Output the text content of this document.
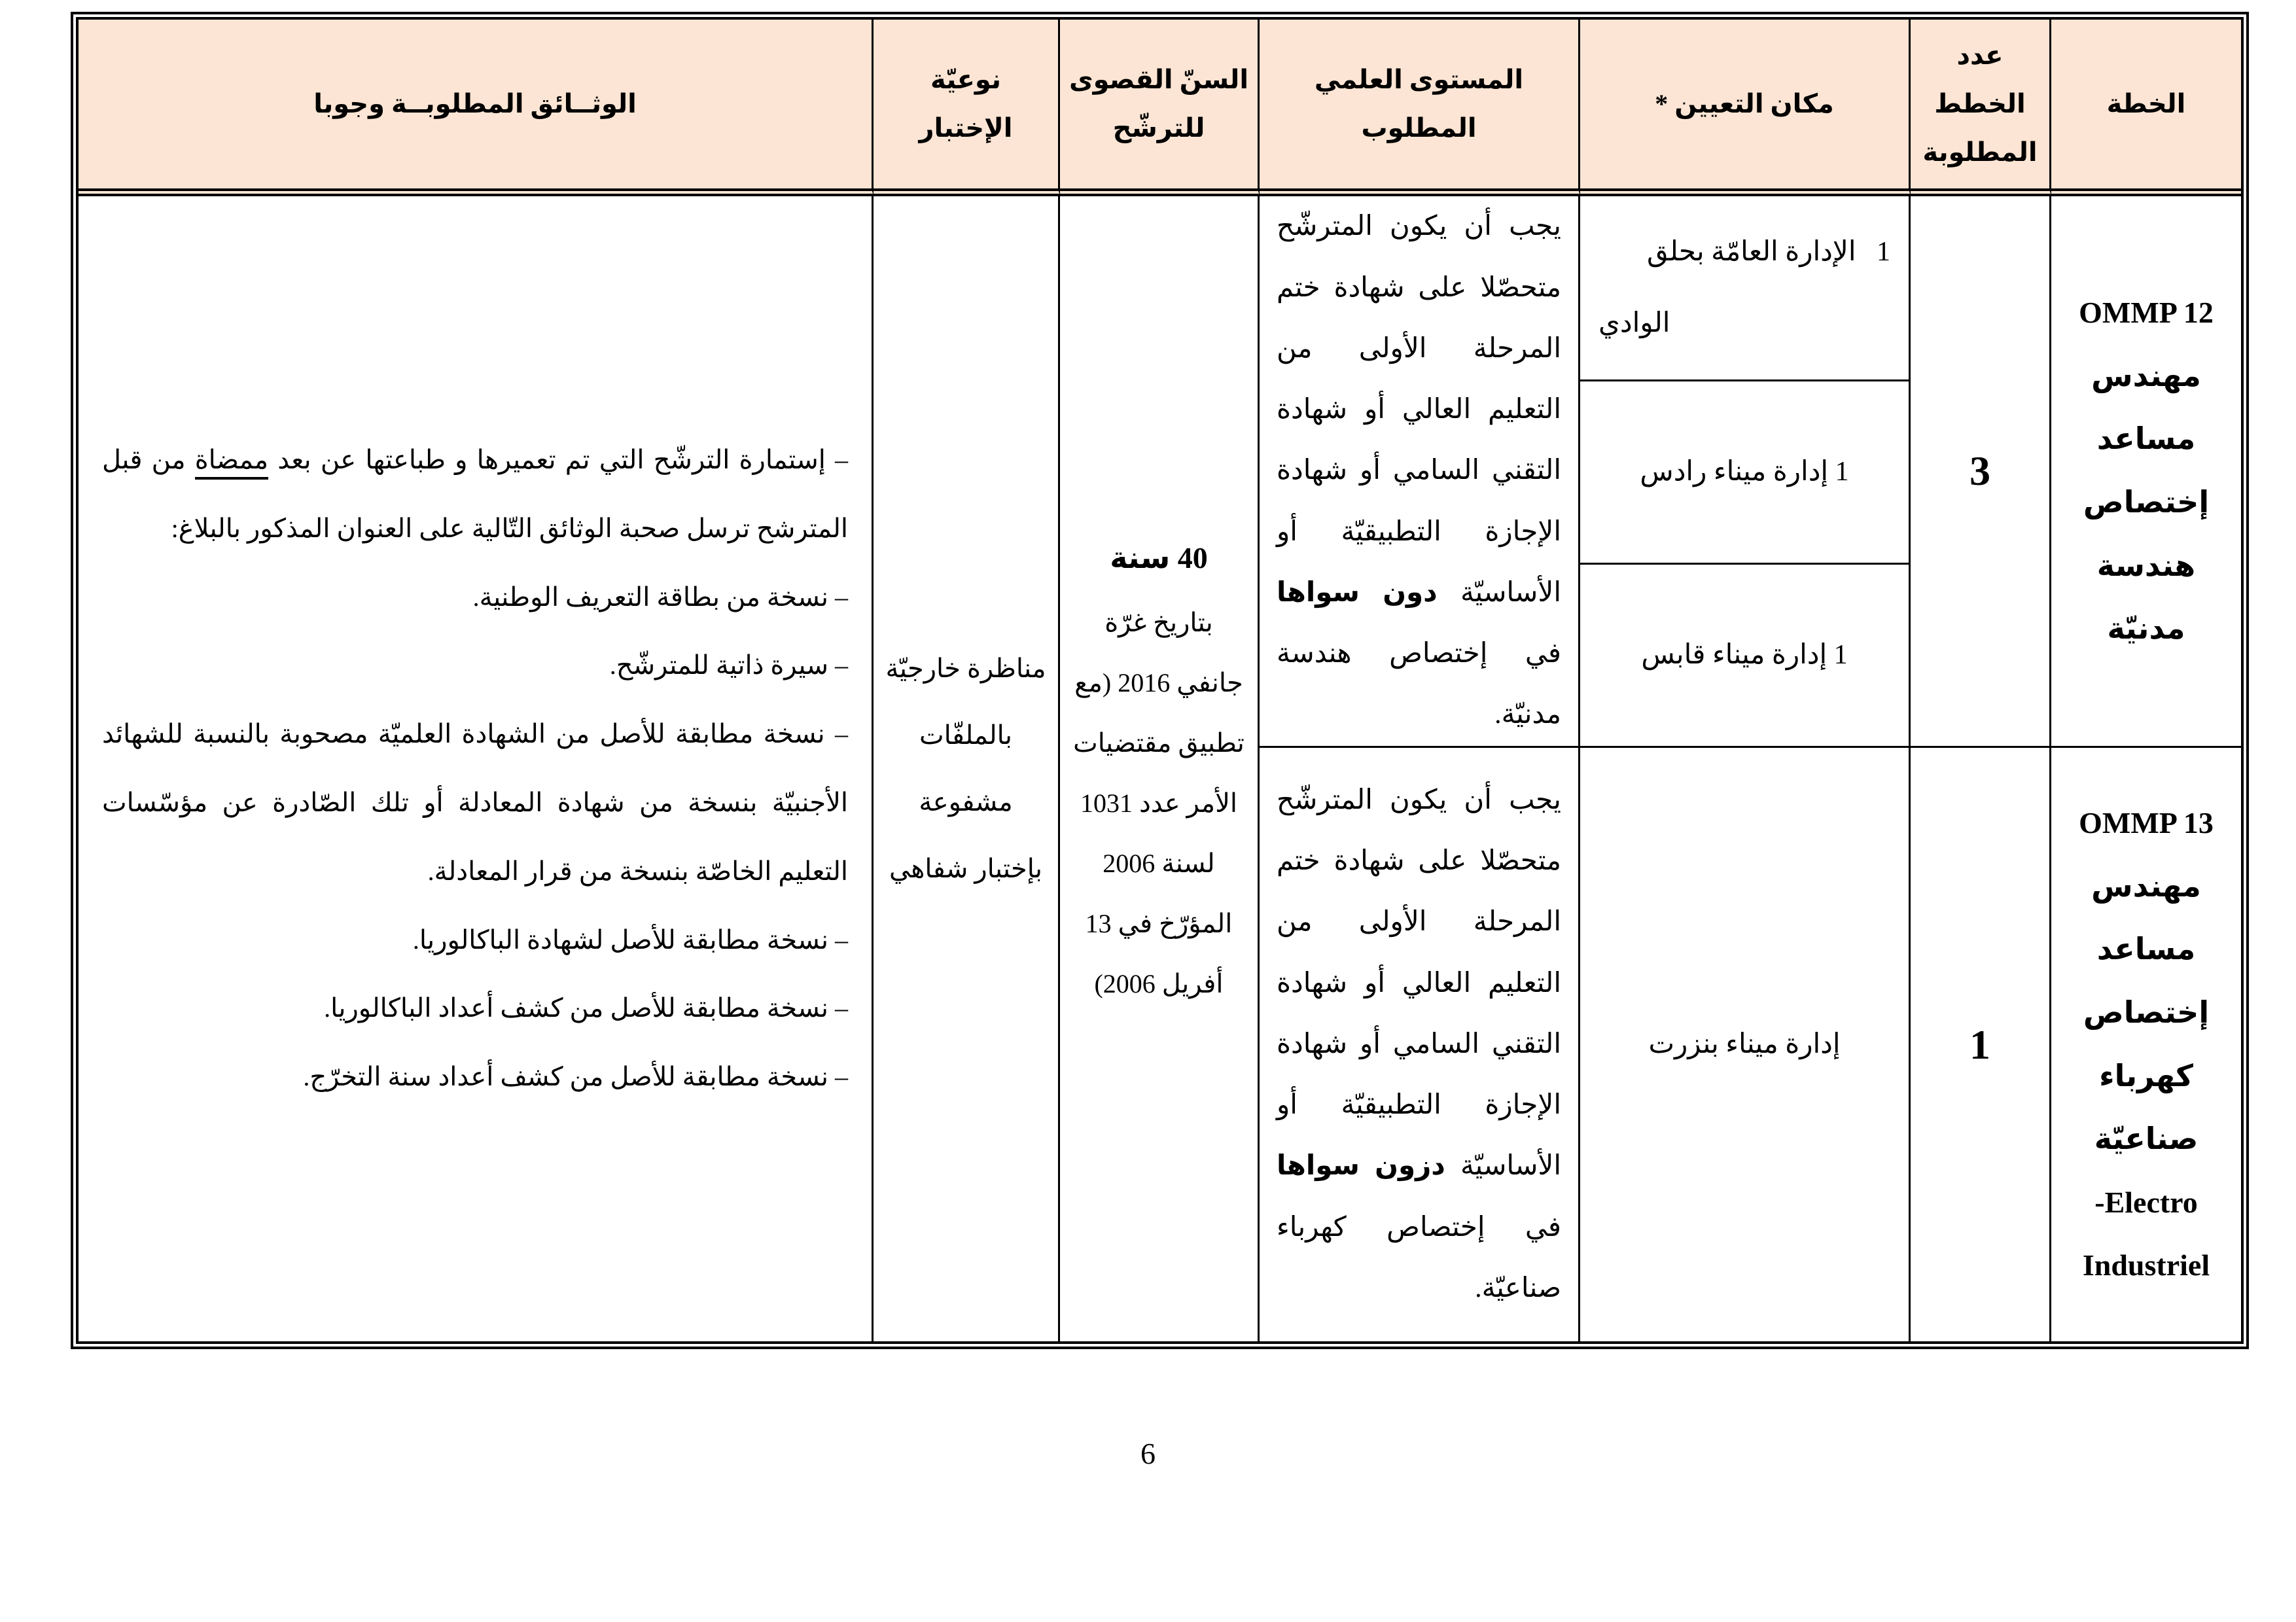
الخطة
عدد الخطط المطلوبة
مكان التعيين *
المستوى العلمي المطلوب
السنّ القصوى للترشّح
نوعيّة الإختبار
الوثــائق المطلوبــة وجوبا
OMMP 12
مهندس
مساعد
إختصاص
هندسة مدنيّة
OMMP 13
مهندس
مساعد
إختصاص
كهرباء
صناعيّة
Electro-
Industriel
3
1
1   الإدارة العامّة بحلق
الوادي
1 إدارة ميناء رادس
1 إدارة ميناء قابس
إدارة ميناء بنزرت

يجب أن يكون المترشّح متحصّلا على شهادة ختم المرحلة الأولى من التعليم العالي أو شهادة التقني السامي أو شهادة الإجازة التطبيقيّة أو الأساسيّة دون سواها في إختصاص هندسة مدنيّة.

يجب أن يكون المترشّح متحصّلا على شهادة ختم المرحلة الأولى من التعليم العالي أو شهادة التقني السامي أو شهادة الإجازة التطبيقيّة أو الأساسيّة دزون سواها في إختصاص كهرباء صناعيّة.

40 سنة
بتاريخ غرّة جانفي 2016 (مع تطبيق مقتضيات الأمر عدد 1031 لسنة 2006 المؤرّخ في 13 أفريل 2006)
مناظرة خارجيّة بالملفّات مشفوعة بإختبار شفاهي

– إستمارة الترشّح التي تم تعميرها و طباعتها عن بعد ممضاة من قبل المترشح ترسل صحبة الوثائق التّالية على العنوان المذكور بالبلاغ:

– نسخة من بطاقة التعريف الوطنية.
– سيرة ذاتية للمترشّح.
– نسخة مطابقة للأصل من الشهادة العلميّة مصحوبة بالنسبة للشهائد الأجنبيّة بنسخة من شهادة المعادلة أو تلك الصّادرة عن مؤسّسات التعليم الخاصّة بنسخة من قرار المعادلة.
– نسخة مطابقة للأصل لشهادة الباكالوريا.
– نسخة مطابقة للأصل من كشف أعداد الباكالوريا.
– نسخة مطابقة للأصل من كشف أعداد سنة التخرّج.
6
